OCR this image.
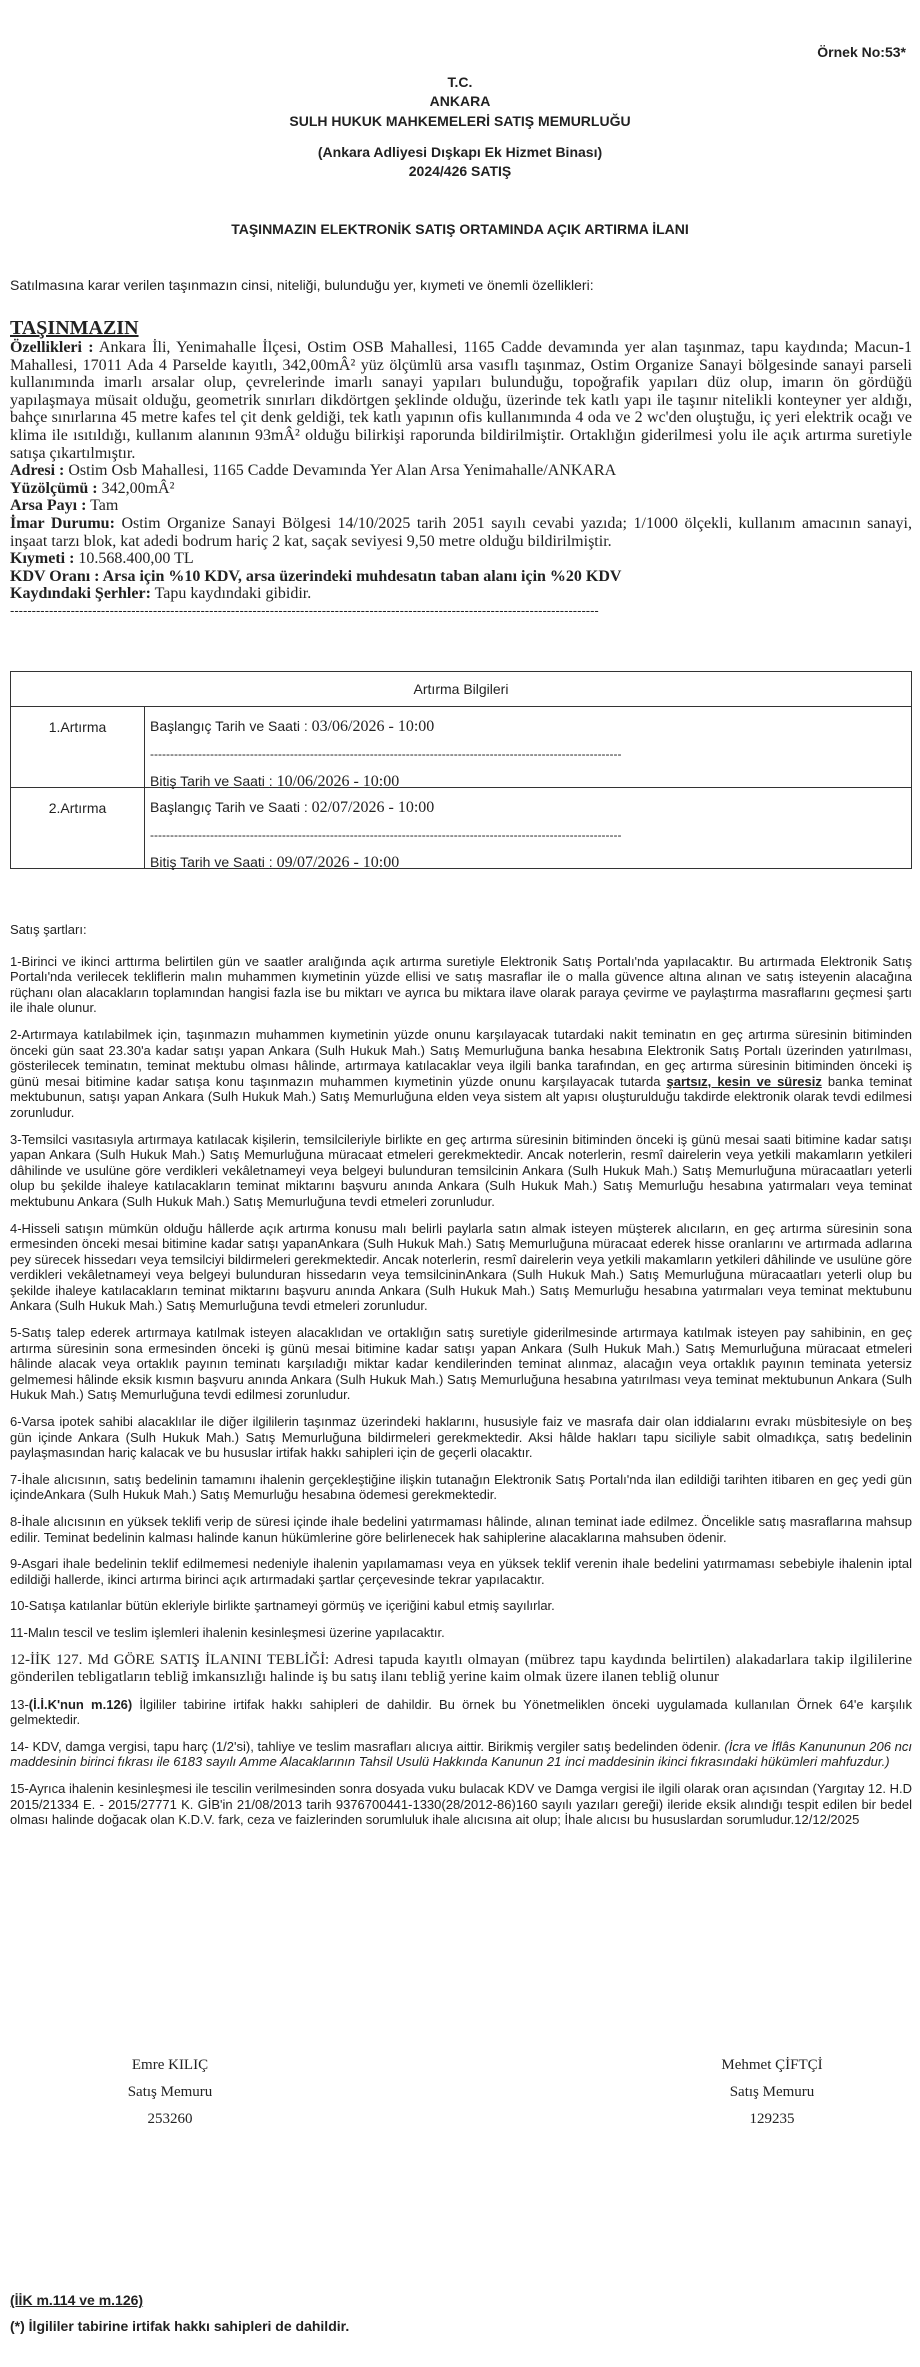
Örnek No:53*
T.C.
ANKARA
SULH HUKUK MAHKEMELERİ SATIŞ MEMURLUĞU
(Ankara Adliyesi Dışkapı Ek Hizmet Binası)
2024/426 SATIŞ
TAŞINMAZIN ELEKTRONİK SATIŞ ORTAMINDA AÇIK ARTIRMA İLANI
Satılmasına karar verilen taşınmazın cinsi, niteliği, bulunduğu yer, kıymeti ve önemli özellikleri:
TAŞINMAZIN

Özellikleri : Ankara İli, Yenimahalle İlçesi, Ostim OSB Mahallesi, 1165 Cadde devamında yer alan taşınmaz, tapu kaydında; Macun-1 Mahallesi, 17011 Ada 4 Parselde kayıtlı, 342,00mÂ² yüz ölçümlü arsa vasıflı taşınmaz, Ostim Organize Sanayi bölgesinde sanayi parseli kullanımında imarlı arsalar olup, çevrelerinde imarlı sanayi yapıları bulunduğu, topoğrafik yapıları düz olup, imarın ön gördüğü yapılaşmaya müsait olduğu, geometrik sınırları dikdörtgen şeklinde olduğu, üzerinde tek katlı yapı ile taşınır nitelikli konteyner yer aldığı, bahçe sınırlarına 45 metre kafes tel çit denk geldiği, tek katlı yapının ofis kullanımında 4 oda ve 2 wc'den oluştuğu, iç yeri elektrik ocağı ve klima ile ısıtıldığı, kullanım alanının 93mÂ² olduğu bilirkişi raporunda bildirilmiştir. Ortaklığın giderilmesi yolu ile açık artırma suretiyle satışa çıkartılmıştır.

Adresi : Ostim Osb Mahallesi, 1165 Cadde Devamında Yer Alan Arsa Yenimahalle/ANKARA

Yüzölçümü : 342,00mÂ²

Arsa Payı : Tam

İmar Durumu: Ostim Organize Sanayi Bölgesi 14/10/2025 tarih 2051 sayılı cevabi yazıda; 1/1000 ölçekli, kullanım amacının sanayi, inşaat tarzı blok, kat adedi bodrum hariç 2 kat, saçak seviyesi 9,50 metre olduğu bildirilmiştir.

Kıymeti : 10.568.400,00 TL

KDV Oranı : Arsa için %10 KDV, arsa üzerindeki muhdesatın taban alanı için %20 KDV

Kaydındaki Şerhler: Tapu kaydındaki gibidir.

----------------------------------------------------------------------------------------------------------------------------------------
Artırma Bilgileri	
1.Artırma	Başlangıç Tarih ve Saati : 03/06/2026 - 10:00
----------------------------------------------------------------------------------------------------------------------
Bitiş Tarih ve Saati : 10/06/2026 - 10:00

2.Artırma	Başlangıç Tarih ve Saati : 02/07/2026 - 10:00
----------------------------------------------------------------------------------------------------------------------
Bitiş Tarih ve Saati : 09/07/2026 - 10:00

Satış şartları:

1-Birinci ve ikinci arttırma belirtilen gün ve saatler aralığında açık artırma suretiyle Elektronik Satış Portalı'nda yapılacaktır. Bu artırmada Elektronik Satış Portalı'nda verilecek tekliflerin malın muhammen kıymetinin yüzde ellisi ve satış masraflar ile o malla güvence altına alınan ve satış isteyenin alacağına rüçhanı olan alacakların toplamından hangisi fazla ise bu miktarı ve ayrıca bu miktara ilave olarak paraya çevirme ve paylaştırma masraflarını geçmesi şartı ile ihale olunur.

2-Artırmaya katılabilmek için, taşınmazın muhammen kıymetinin yüzde onunu karşılayacak tutardaki nakit teminatın en geç artırma süresinin bitiminden önceki gün saat 23.30'a kadar satışı yapan Ankara (Sulh Hukuk Mah.) Satış Memurluğuna banka hesabına Elektronik Satış Portalı üzerinden yatırılması, gösterilecek teminatın, teminat mektubu olması hâlinde, artırmaya katılacaklar veya ilgili banka tarafından, en geç artırma süresinin bitiminden önceki iş günü mesai bitimine kadar satışa konu taşınmazın muhammen kıymetinin yüzde onunu karşılayacak tutarda şartsız, kesin ve süresiz banka teminat mektubunun, satışı yapan Ankara (Sulh Hukuk Mah.) Satış Memurluğuna elden veya sistem alt yapısı oluşturulduğu takdirde elektronik olarak tevdi edilmesi zorunludur.

3-Temsilci vasıtasıyla artırmaya katılacak kişilerin, temsilcileriyle birlikte en geç artırma süresinin bitiminden önceki iş günü mesai saati bitimine kadar satışı yapan Ankara (Sulh Hukuk Mah.) Satış Memurluğuna müracaat etmeleri gerekmektedir. Ancak noterlerin, resmî dairelerin veya yetkili makamların yetkileri dâhilinde ve usulüne göre verdikleri vekâletnameyi veya belgeyi bulunduran temsilcinin Ankara (Sulh Hukuk Mah.) Satış Memurluğuna müracaatları yeterli olup bu şekilde ihaleye katılacakların teminat miktarını başvuru anında Ankara (Sulh Hukuk Mah.) Satış Memurluğu hesabına yatırmaları veya teminat mektubunu Ankara (Sulh Hukuk Mah.) Satış Memurluğuna tevdi etmeleri zorunludur.

4-Hisseli satışın mümkün olduğu hâllerde açık artırma konusu malı belirli paylarla satın almak isteyen müşterek alıcıların, en geç artırma süresinin sona ermesinden önceki mesai bitimine kadar satışı yapanAnkara (Sulh Hukuk Mah.) Satış Memurluğuna müracaat ederek hisse oranlarını ve artırmada adlarına pey sürecek hissedarı veya temsilciyi bildirmeleri gerekmektedir. Ancak noterlerin, resmî dairelerin veya yetkili makamların yetkileri dâhilinde ve usulüne göre verdikleri vekâletnameyi veya belgeyi bulunduran hissedarın veya temsilcininAnkara (Sulh Hukuk Mah.) Satış Memurluğuna müracaatları yeterli olup bu şekilde ihaleye katılacakların teminat miktarını başvuru anında Ankara (Sulh Hukuk Mah.) Satış Memurluğu hesabına yatırmaları veya teminat mektubunu Ankara (Sulh Hukuk Mah.) Satış Memurluğuna tevdi etmeleri zorunludur.

5-Satış talep ederek artırmaya katılmak isteyen alacaklıdan ve ortaklığın satış suretiyle giderilmesinde artırmaya katılmak isteyen pay sahibinin, en geç artırma süresinin sona ermesinden önceki iş günü mesai bitimine kadar satışı yapan Ankara (Sulh Hukuk Mah.) Satış Memurluğuna müracaat etmeleri hâlinde alacak veya ortaklık payının teminatı karşıladığı miktar kadar kendilerinden teminat alınmaz, alacağın veya ortaklık payının teminata yetersiz gelmemesi hâlinde eksik kısmın başvuru anında Ankara (Sulh Hukuk Mah.) Satış Memurluğuna hesabına yatırılması veya teminat mektubunun Ankara (Sulh Hukuk Mah.) Satış Memurluğuna tevdi edilmesi zorunludur.

6-Varsa ipotek sahibi alacaklılar ile diğer ilgililerin taşınmaz üzerindeki haklarını, hususiyle faiz ve masrafa dair olan iddialarını evrakı müsbitesiyle on beş gün içinde Ankara (Sulh Hukuk Mah.) Satış Memurluğuna bildirmeleri gerekmektedir. Aksi hâlde hakları tapu siciliyle sabit olmadıkça, satış bedelinin paylaşmasından hariç kalacak ve bu hususlar irtifak hakkı sahipleri için de geçerli olacaktır.

7-İhale alıcısının, satış bedelinin tamamını ihalenin gerçekleştiğine ilişkin tutanağın Elektronik Satış Portalı'nda ilan edildiği tarihten itibaren en geç yedi gün içindeAnkara (Sulh Hukuk Mah.) Satış Memurluğu hesabına ödemesi gerekmektedir.

8-İhale alıcısının en yüksek teklifi verip de süresi içinde ihale bedelini yatırmaması hâlinde, alınan teminat iade edilmez. Öncelikle satış masraflarına mahsup edilir. Teminat bedelinin kalması halinde kanun hükümlerine göre belirlenecek hak sahiplerine alacaklarına mahsuben ödenir.

9-Asgari ihale bedelinin teklif edilmemesi nedeniyle ihalenin yapılamaması veya en yüksek teklif verenin ihale bedelini yatırmaması sebebiyle ihalenin iptal edildiği hallerde, ikinci artırma birinci açık artırmadaki şartlar çerçevesinde tekrar yapılacaktır.

10-Satışa katılanlar bütün ekleriyle birlikte şartnameyi görmüş ve içeriğini kabul etmiş sayılırlar.

11-Malın tescil ve teslim işlemleri ihalenin kesinleşmesi üzerine yapılacaktır.

12-İİK 127. Md GÖRE SATIŞ İLANINI TEBLİĞİ: Adresi tapuda kayıtlı olmayan (mübrez tapu kaydında belirtilen) alakadarlara takip ilgililerine gönderilen tebligatların tebliğ imkansızlığı halinde iş bu satış ilanı tebliğ yerine kaim olmak üzere ilanen tebliğ olunur

13-(İ.İ.K'nun m.126) İlgililer tabirine irtifak hakkı sahipleri de dahildir. Bu örnek bu Yönetmeliklen önceki uygulamada kullanılan Örnek 64'e karşılık gelmektedir.

14- KDV, damga vergisi, tapu harç (1/2'si), tahliye ve teslim masrafları alıcıya aittir. Birikmiş vergiler satış bedelinden ödenir. (İcra ve İflâs Kanununun 206 ncı maddesinin birinci fıkrası ile 6183 sayılı Amme Alacaklarının Tahsil Usulü Hakkında Kanunun 21 inci maddesinin ikinci fıkrasındaki hükümleri mahfuzdur.)

15-Ayrıca ihalenin kesinleşmesi ile tescilin verilmesinden sonra dosyada vuku bulacak KDV ve Damga vergisi ile ilgili olarak oran açısından (Yargıtay 12. H.D 2015/21334 E. - 2015/27771 K. GİB'in 21/08/2013 tarih 9376700441-1330(28/2012-86)160 sayılı yazıları gereği) ileride eksik alındığı tespit edilen bir bedel olması halinde doğacak olan K.D.V. fark, ceza ve faizlerinden sorumluluk ihale alıcısına ait olup; İhale alıcısı bu hususlardan sorumludur.12/12/2025

Emre KILIÇ
Satış Memuru
253260
Mehmet ÇİFTÇİ
Satış Memuru
129235
(İİK m.114 ve m.126)
(*) İlgililer tabirine irtifak hakkı sahipleri de dahildir.
